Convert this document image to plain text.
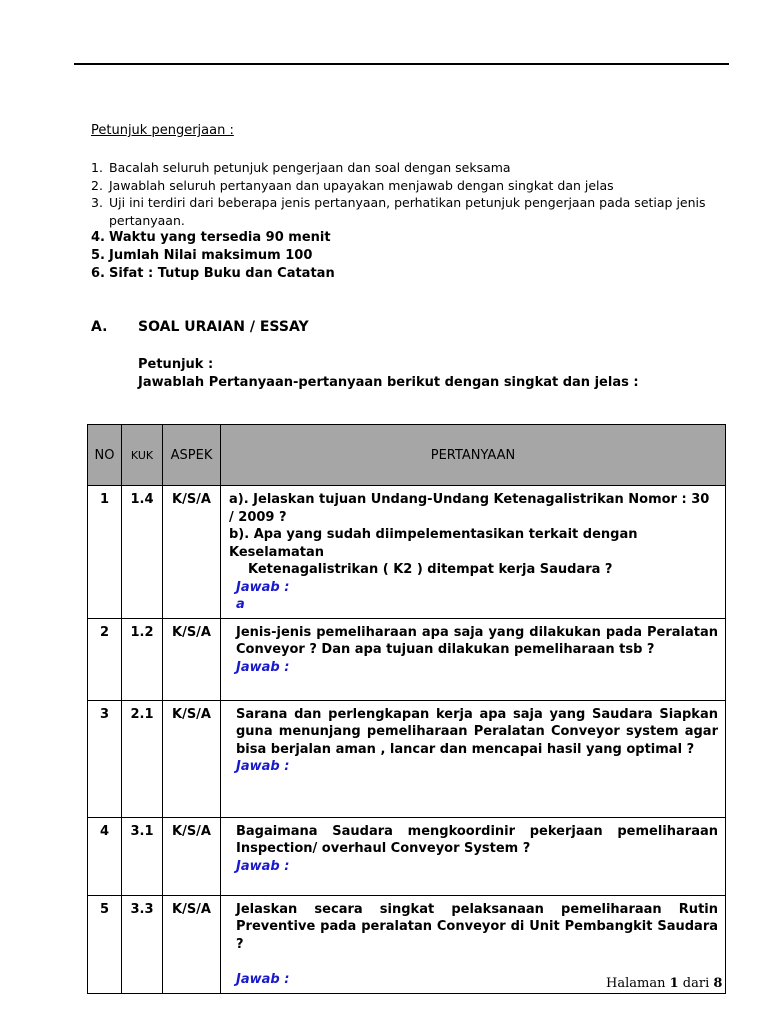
Petunjuk pengerjaan :
1. Bacalah seluruh petunjuk pengerjaan dan soal dengan seksama
2. Jawablah seluruh pertanyaan dan upayakan menjawab dengan singkat dan jelas
3. Uji ini terdiri dari beberapa jenis pertanyaan, perhatikan petunjuk pengerjaan pada setiap jenis pertanyaan.
4. Waktu yang tersedia 90 menit
5. Jumlah Nilai maksimum 100
6. Sifat : Tutup Buku dan Catatan
A. SOAL URAIAN / ESSAY
Petunjuk :
Jawablah Pertanyaan-pertanyaan berikut dengan singkat dan jelas :
NO	KUK	ASPEK	PERTANYAAN
1	1.4	K/S/A	a). Jelaskan tujuan Undang-Undang Ketenagalistrikan Nomor : 30 / 2009 ?
b). Apa yang sudah diimpelementasikan terkait dengan Keselamatan
Ketenagalistrikan ( K2 ) ditempat kerja Saudara ?
Jawab :
a

2	1.2	K/S/A	Jenis-jenis pemeliharaan apa saja yang dilakukan pada Peralatan Conveyor ? Dan apa tujuan dilakukan pemeliharaan tsb ?
Jawab :

3	2.1	K/S/A	Sarana dan perlengkapan kerja apa saja yang Saudara Siapkan guna menunjang pemeliharaan Peralatan Conveyor system agar bisa berjalan aman , lancar dan mencapai hasil yang optimal ?
Jawab :

4	3.1	K/S/A	Bagaimana Saudara mengkoordinir pekerjaan pemeliharaan Inspection/ overhaul Conveyor System ?
Jawab :

5	3.3	K/S/A	Jelaskan secara singkat pelaksanaan pemeliharaan Rutin Preventive pada peralatan Conveyor di Unit Pembangkit Saudara ?
Jawab :	Halaman 1 dari 8
